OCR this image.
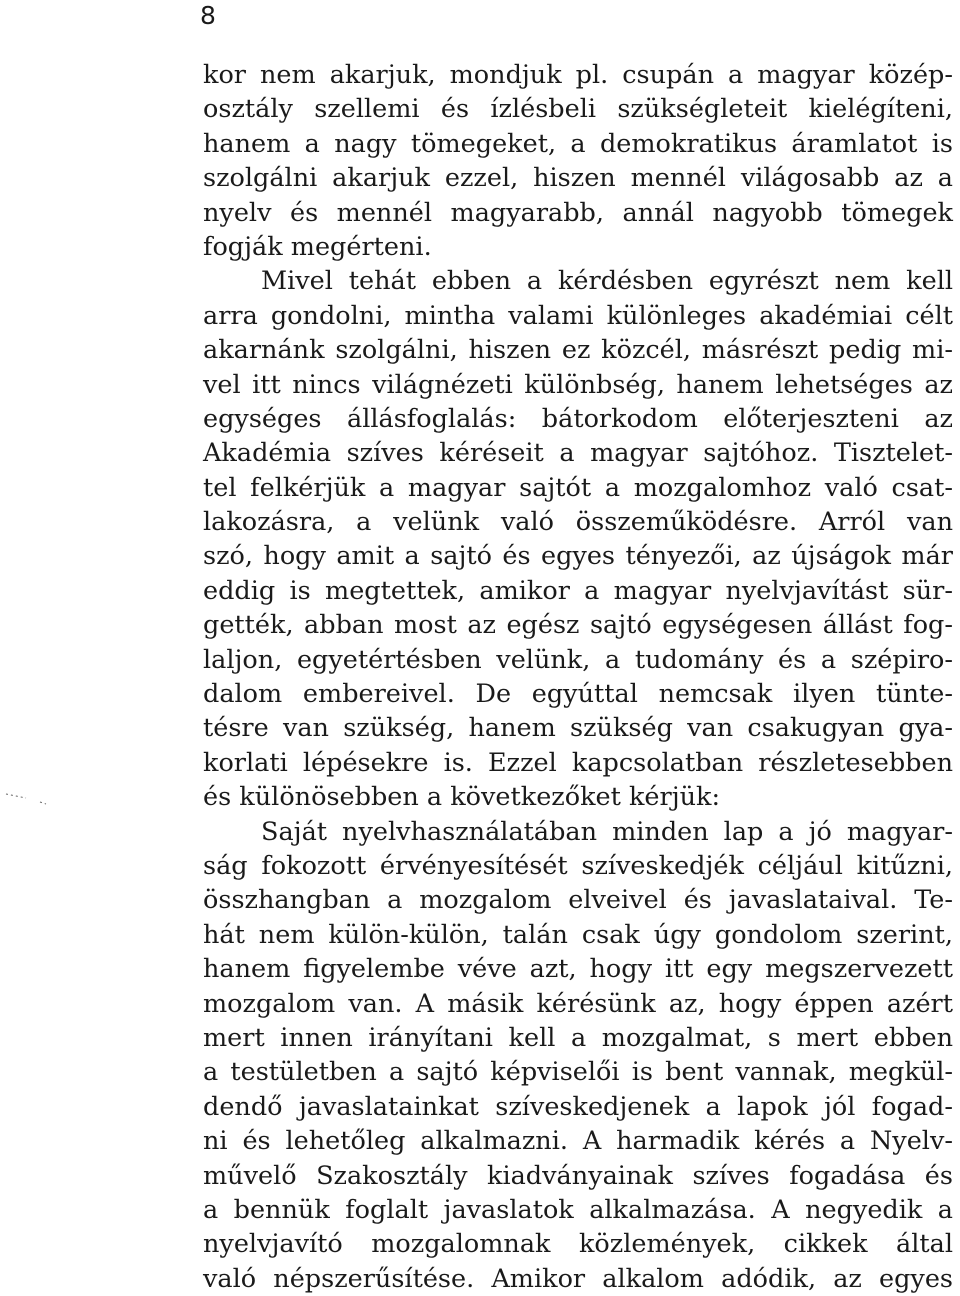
8
kor nem akarjuk, mondjuk pl. csupán a magyar közép-
osztály szellemi és ízlésbeli szükségleteit kielégíteni,
hanem a nagy tömegeket, a demokratikus áramlatot is
szolgálni akarjuk ezzel, hiszen mennél világosabb az a
nyelv és mennél magyarabb, annál nagyobb tömegek
fogják megérteni.
Mivel tehát ebben a kérdésben egyrészt nem kell
arra gondolni, mintha valami különleges akadémiai célt
akarnánk szolgálni, hiszen ez közcél, másrészt pedig mi-
vel itt nincs világnézeti különbség, hanem lehetséges az
egységes állásfoglalás: bátorkodom előterjeszteni az
Akadémia szíves kéréseit a magyar sajtóhoz. Tisztelet-
tel felkérjük a magyar sajtót a mozgalomhoz való csat-
lakozásra, a velünk való összeműködésre. Arról van
szó, hogy amit a sajtó és egyes tényezői, az újságok már
eddig is megtettek, amikor a magyar nyelvjavítást sür-
gették, abban most az egész sajtó egységesen állást fog-
laljon, egyetértésben velünk, a tudomány és a szépiro-
dalom embereivel. De egyúttal nemcsak ilyen tünte-
tésre van szükség, hanem szükség van csakugyan gya-
korlati lépésekre is. Ezzel kapcsolatban részletesebben
és különösebben a következőket kérjük:
Saját nyelvhasználatában minden lap a jó magyar-
ság fokozott érvényesítését szíveskedjék céljául kitűzni,
összhangban a mozgalom elveivel és javaslataival. Te-
hát nem külön-külön, talán csak úgy gondolom szerint,
hanem figyelembe véve azt, hogy itt egy megszervezett
mozgalom van. A másik kérésünk az, hogy éppen azért
mert innen irányítani kell a mozgalmat, s mert ebben
a testületben a sajtó képviselői is bent vannak, megkül-
dendő javaslatainkat szíveskedjenek a lapok jól fogad-
ni és lehetőleg alkalmazni. A harmadik kérés a Nyelv-
művelő Szakosztály kiadványainak szíves fogadása és
a bennük foglalt javaslatok alkalmazása. A negyedik a
nyelvjavító mozgalomnak közlemények, cikkek által
való népszerűsítése. Amikor alkalom adódik, az egyes
